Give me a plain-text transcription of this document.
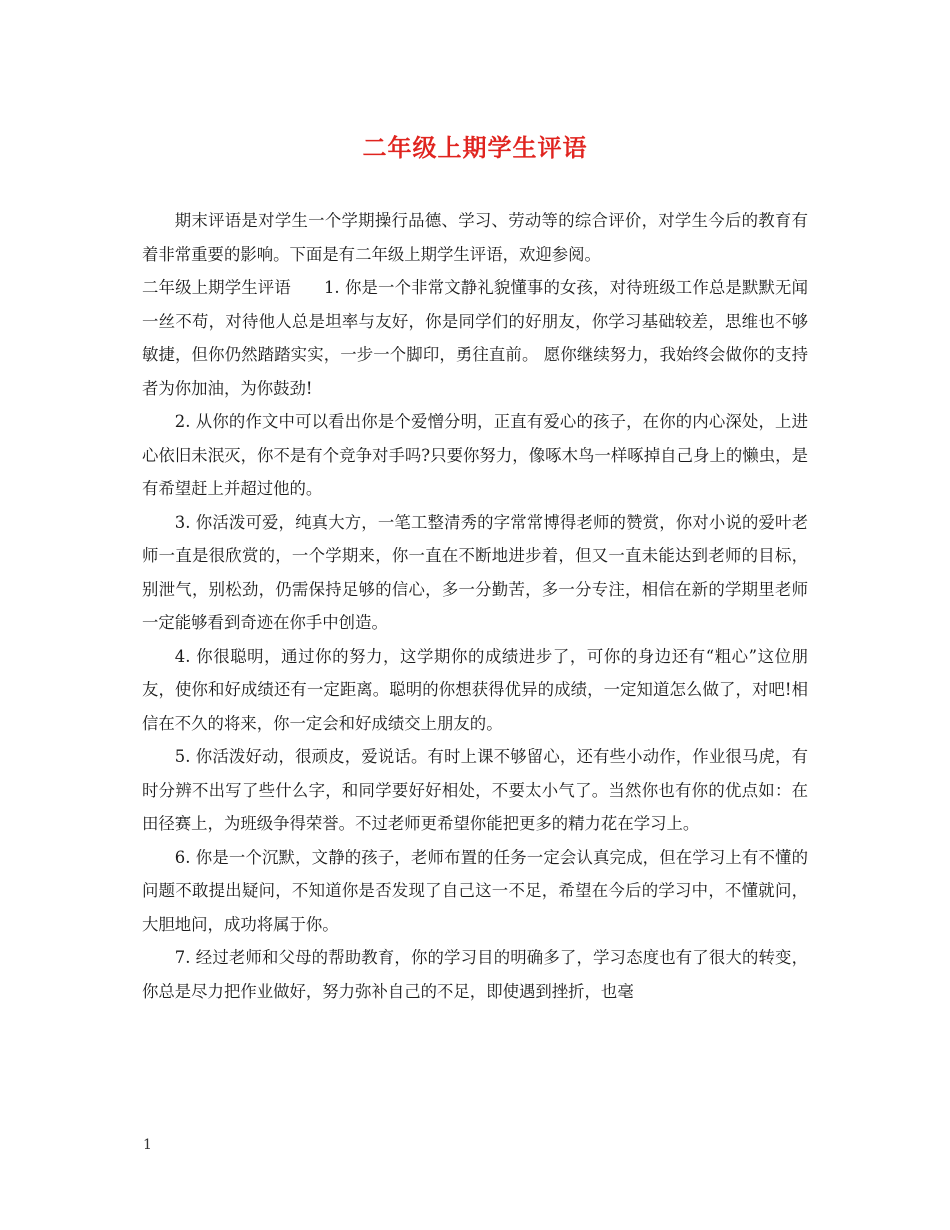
二年级上期学生评语

期末评语是对学生一个学期操行品德、学习、劳动等的综合评价，对学生今后的教育有着非常重要的影响。下面是有二年级上期学生评语，欢迎参阅。

二年级上期学生评语　　1. 你是一个非常文静礼貌懂事的女孩，对待班级工作总是默默无闻一丝不苟，对待他人总是坦率与友好，你是同学们的好朋友，你学习基础较差，思维也不够敏捷，但你仍然踏踏实实，一步一个脚印，勇往直前。 愿你继续努力，我始终会做你的支持者为你加油，为你鼓劲!

2. 从你的作文中可以看出你是个爱憎分明，正直有爱心的孩子，在你的内心深处，上进心依旧未泯灭，你不是有个竞争对手吗?只要你努力，像啄木鸟一样啄掉自己身上的懒虫，是有希望赶上并超过他的。

3. 你活泼可爱，纯真大方，一笔工整清秀的字常常博得老师的赞赏，你对小说的爱叶老师一直是很欣赏的，一个学期来，你一直在不断地进步着，但又一直未能达到老师的目标，别泄气，别松劲，仍需保持足够的信心，多一分勤苦，多一分专注，相信在新的学期里老师一定能够看到奇迹在你手中创造。

4. 你很聪明，通过你的努力，这学期你的成绩进步了，可你的身边还有“粗心”这位朋友，使你和好成绩还有一定距离。聪明的你想获得优异的成绩，一定知道怎么做了，对吧!相信在不久的将来，你一定会和好成绩交上朋友的。

5. 你活泼好动，很顽皮，爱说话。有时上课不够留心，还有些小动作，作业很马虎，有时分辨不出写了些什么字，和同学要好好相处，不要太小气了。当然你也有你的优点如：在田径赛上，为班级争得荣誉。不过老师更希望你能把更多的精力花在学习上。

6. 你是一个沉默，文静的孩子，老师布置的任务一定会认真完成，但在学习上有不懂的问题不敢提出疑问，不知道你是否发现了自己这一不足，希望在今后的学习中，不懂就问，大胆地问，成功将属于你。

7. 经过老师和父母的帮助教育，你的学习目的明确多了，学习态度也有了很大的转变，你总是尽力把作业做好，努力弥补自己的不足，即使遇到挫折，也毫

1
